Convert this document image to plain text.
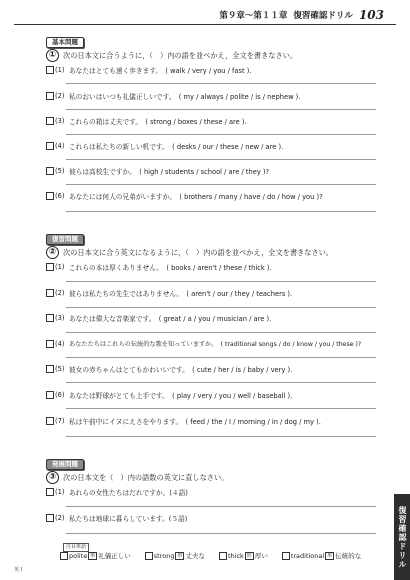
第９章〜第１１章 復習確認ドリル 103
基本問題
① 次の日本文に合うように，（　）内の語を並べかえ，全文を書きなさい。
(1) あなたはとても速く歩きます。　( walk / very / you / fast ).
(2) 私のおいはいつも礼儀正しいです。　( my / always / polite / is / nephew ).
(3) これらの箱は丈夫です。　( strong / boxes / these / are ).
(4) これらは私たちの新しい机です。　( desks / our / these / new / are ).
(5) 彼らは高校生ですか。　( high / students / school / are / they )?
(6) あなたには何人の兄弟がいますか。　( brothers / many / have / do / how / you )?
復習問題
② 次の日本文に合う英文になるように，（　）内の語を並べかえ，全文を書きなさい。
(1) これらの本は厚くありません。　( books / aren't / these / thick ).
(2) 彼らは私たちの先生ではありません。　( aren't / our / they / teachers ).
(3) あなたは偉大な音楽家です。　( great / a / you / musician / are ).
(4) あなたたちはこれらの伝統的な歌を知っていますか。　( traditional songs / do / know / you / these )?
(5) 彼女の赤ちゃんはとてもかわいいです。　( cute / her / is / baby / very ).
(6) あなたは野球がとても上手です。　( play / very / you / well / baseball ).
(7) 私は午前中にイヌにえさをやります。　( feed / the / I / morning / in / dog / my ).
発展問題
③ 次の日本文を（　）内の語数の英文に直しなさい。
(1) あれらの女性たちはだれですか。(４語)
(2) 私たちは地球に暮らしています。(５語)
注目単語
polite 形 礼儀正しい	strong 形 丈夫な	thick 形 厚い	traditional 形 伝統的な
英１
復習確認ドリル
